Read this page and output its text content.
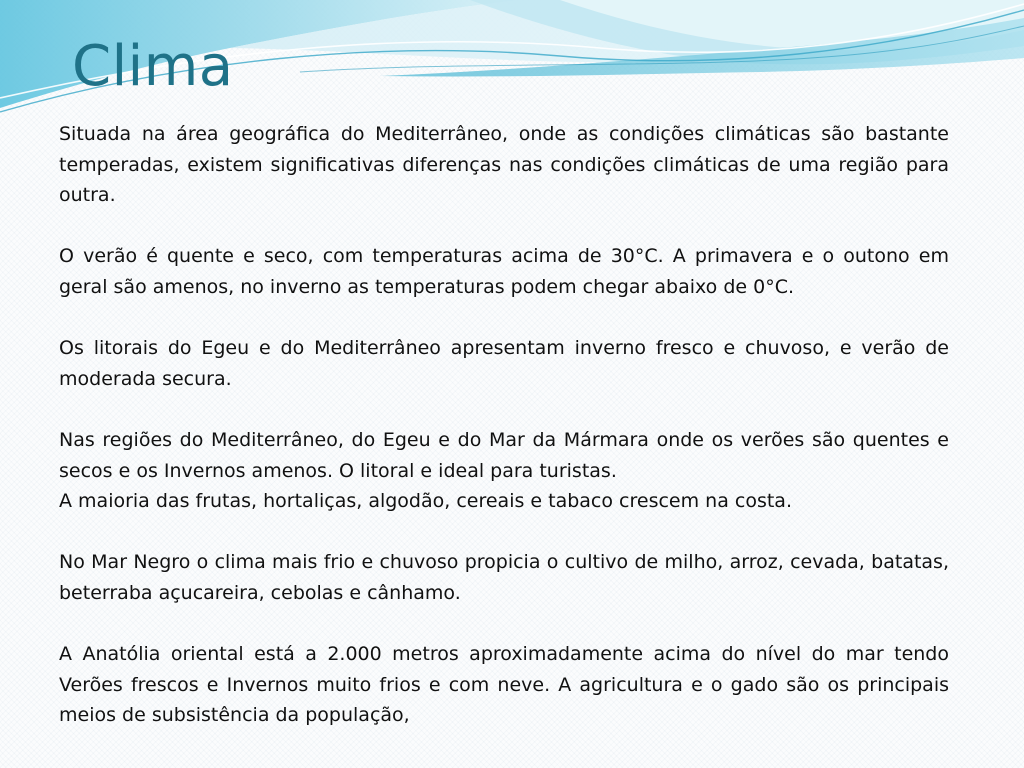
Clima

Situada na área geográfica do Mediterrâneo, onde as condições climáticas são bastante temperadas, existem significativas diferenças nas condições climáticas de uma região para outra.

O verão é quente e seco, com temperaturas acima de 30°C. A primavera e o outono em geral são amenos, no inverno as temperaturas podem chegar abaixo de 0°C.

Os litorais do Egeu e do Mediterrâneo apresentam inverno fresco e chuvoso, e verão de moderada secura.

Nas regiões do Mediterrâneo, do Egeu e do Mar da Mármara onde os verões são quentes e secos e os Invernos amenos. O litoral e ideal para turistas.

A maioria das frutas, hortaliças, algodão, cereais e tabaco crescem na costa.

No Mar Negro o clima mais frio e chuvoso propicia o cultivo de milho, arroz, cevada, batatas, beterraba açucareira, cebolas e cânhamo.

A Anatólia oriental está a 2.000 metros aproximadamente acima do nível do mar tendo Verões frescos e Invernos muito frios e com neve. A agricultura e o gado são os principais meios de subsistência da população,
